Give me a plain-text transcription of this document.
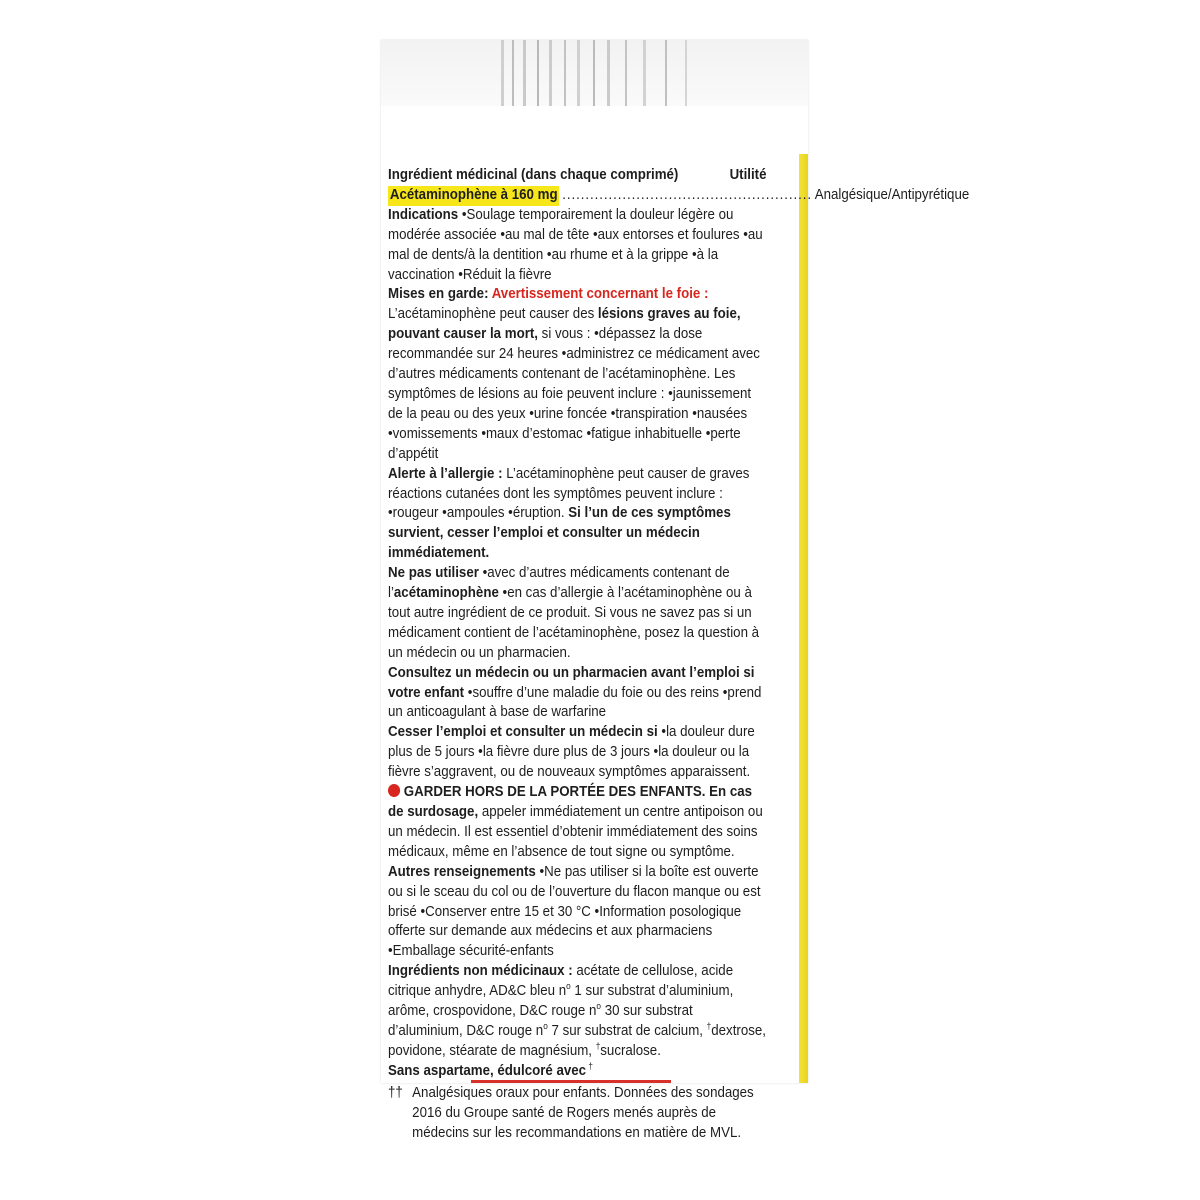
Ingrédient médicinal (dans chaque comprimé)	Utilité
Acétaminophène à 160 mg ...................................................... Analgésique/Antipyrétique

Indications •Soulage temporairement la douleur légère ou modérée associée •au mal de tête •aux entorses et foulures •au mal de dents/à la dentition •au rhume et à la grippe •à la vaccination •Réduit la fièvre

Mises en garde: Avertissement concernant le foie : L’acétaminophène peut causer des lésions graves au foie, pouvant causer la mort, si vous : •dépassez la dose recommandée sur 24 heures •administrez ce médicament avec d’autres médicaments contenant de l’acétaminophène. Les symptômes de lésions au foie peuvent inclure : •jaunissement de la peau ou des yeux •urine foncée •transpiration •nausées •vomissements •maux d’estomac •fatigue inhabituelle •perte d’appétit

Alerte à l’allergie : L’acétaminophène peut causer de graves réactions cutanées dont les symptômes peuvent inclure : •rougeur •ampoules •éruption. Si l’un de ces symptômes survient, cesser l’emploi et consulter un médecin immédiatement.

Ne pas utiliser •avec d’autres médicaments contenant de l’acétaminophène •en cas d’allergie à l’acétaminophène ou à tout autre ingrédient de ce produit. Si vous ne savez pas si un médicament contient de l’acétaminophène, posez la question à un médecin ou un pharmacien.

Consultez un médecin ou un pharmacien avant l’emploi si votre enfant •souffre d’une maladie du foie ou des reins •prend un anticoagulant à base de warfarine

Cesser l’emploi et consulter un médecin si •la douleur dure plus de 5 jours •la fièvre dure plus de 3 jours •la douleur ou la fièvre s’aggravent, ou de nouveaux symptômes apparaissent.

GARDER HORS DE LA PORTÉE DES ENFANTS. En cas de surdosage, appeler immédiatement un centre antipoison ou un médecin. Il est essentiel d’obtenir immédiatement des soins médicaux, même en l’absence de tout signe ou symptôme.

Autres renseignements •Ne pas utiliser si la boîte est ouverte ou si le sceau du col ou de l’ouverture du flacon manque ou est brisé •Conserver entre 15 et 30 °C •Information posologique offerte sur demande aux médecins et aux pharmaciens •Emballage sécurité-enfants

Ingrédients non médicinaux : acétate de cellulose, acide citrique anhydre, AD&C bleu $n^o$ 1 sur substrat d’aluminium, arôme, crospovidone, D&C rouge $n^o$ 30 sur substrat d’aluminium, D&C rouge $n^o$ 7 sur substrat de calcium, †dextrose, povidone, stéarate de magnésium, †sucralose.

Sans aspartame, édulcoré avec †

†† Analgésiques oraux pour enfants. Données des sondages 2016 du Groupe santé de Rogers menés auprès de médecins sur les recommandations en matière de MVL.
